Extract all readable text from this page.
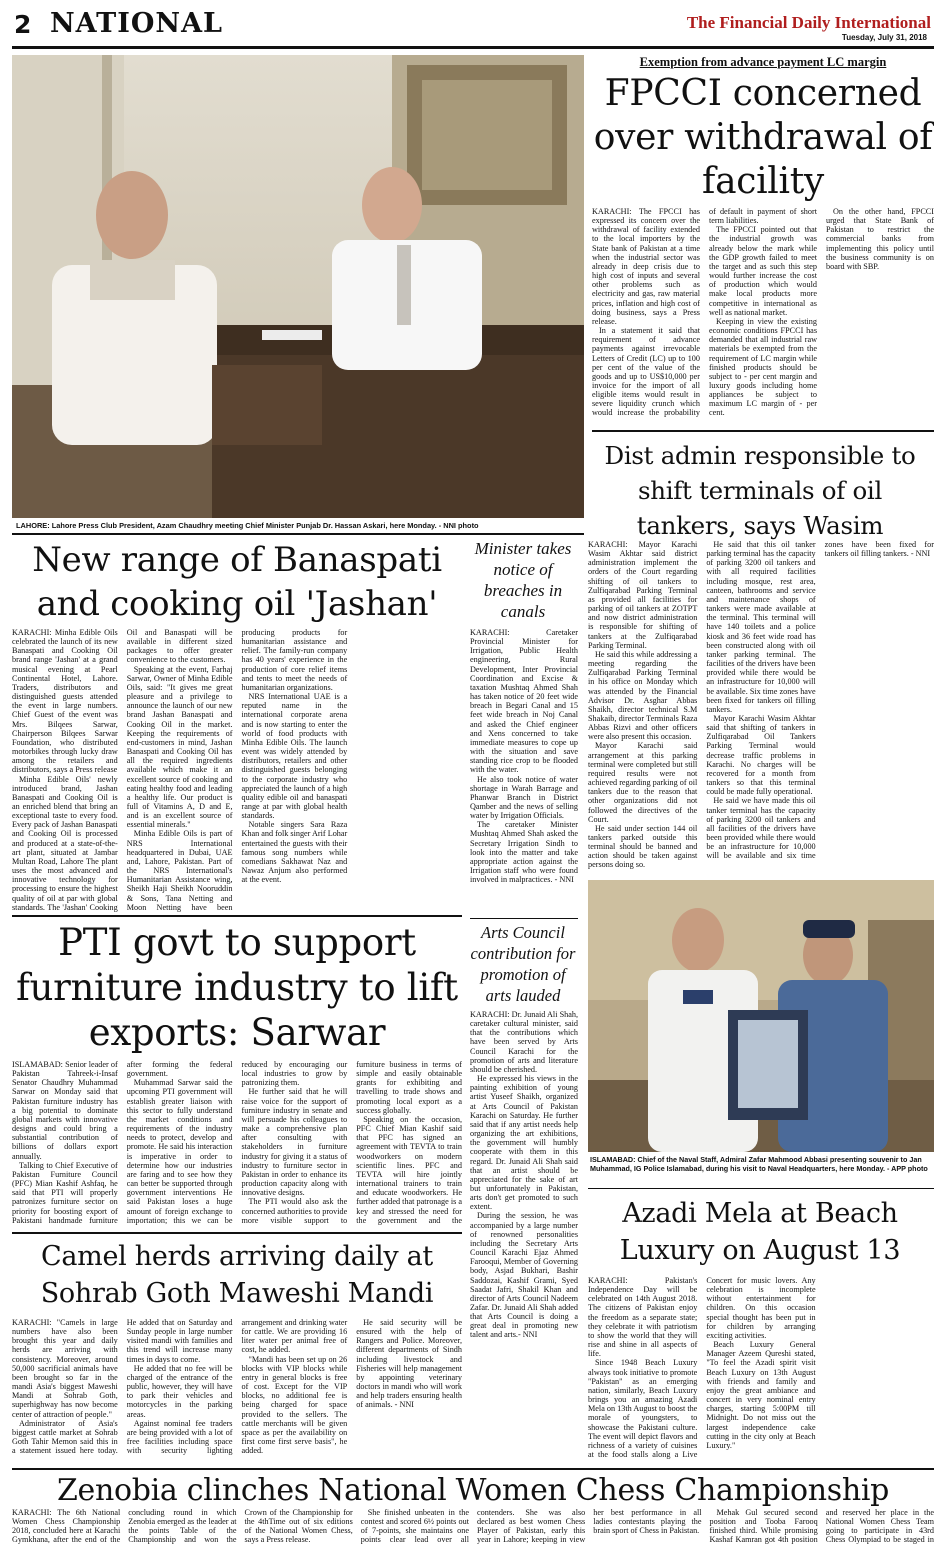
2 NATIONAL	The Financial Daily International
Tuesday, July 31, 2018
LAHORE: Lahore Press Club President, Azam Chaudhry meeting Chief Minister Punjab Dr. Hassan Askari, here Monday. - NNI photo
Exemption from advance payment LC margin
FPCCI concerned over withdrawal of facility

KARACHI: The FPCCI has expressed its concern over the withdrawal of facility extended to the local importers by the State bank of Pakistan at a time when the industrial sector was already in deep crisis due to high cost of inputs and several other problems such as electricity and gas, raw material prices, inflation and high cost of doing business, says a Press release.

In a statement it said that requirement of advance payments against irrevocable Letters of Credit (LC) up to 100 per cent of the value of the goods and up to US$10,000 per invoice for the import of all eligible items would result in severe liquidity crunch which would increase the probability of default in payment of short term liabilities.

The FPCCI pointed out that the industrial growth was already below the mark while the GDP growth failed to meet the target and as such this step would further increase the cost of production which would make local products more competitive in international as well as national market.

Keeping in view the existing economic conditions FPCCI has demanded that all industrial raw materials be exempted from the requirement of LC margin while finished products should be subject to - per cent margin and luxury goods including home appliances be subject to maximum LC margin of - per cent.

On the other hand, FPCCI urged that State Bank of Pakistan to restrict the commercial banks from implementing this policy until the business community is on board with SBP.

New range of Banaspati and cooking oil 'Jashan'

KARACHI: Minha Edible Oils celebrated the launch of its new Banaspati and Cooking Oil brand range 'Jashan' at a grand musical evening at Pearl Continental Hotel, Lahore. Traders, distributors and distinguished guests attended the event in large numbers. Chief Guest of the event was Mrs. Bilqees Sarwar, Chairperson Bilqees Sarwar Foundation, who distributed motorbikes through lucky draw among the retailers and distributors, says a Press release

Minha Edible Oils' newly introduced brand, Jashan Banaspati and Cooking Oil is an enriched blend that bring an exceptional taste to every food. Every pack of Jashan Banaspati and Cooking Oil is processed and produced at a state-of-the-art plant, situated at Jambar Multan Road, Lahore The plant uses the most advanced and innovative technology for processing to ensure the highest quality of oil at par with global standards. The 'Jashan' Cooking Oil and Banaspati will be available in different sized packages to offer greater convenience to the customers.

Speaking at the event, Farhaj Sarwar, Owner of Minha Edible Oils, said: "It gives me great pleasure and a privilege to announce the launch of our new brand Jashan Banaspati and Cooking Oil in the market. Keeping the requirements of end-customers in mind, Jashan Banaspati and Cooking Oil has all the required ingredients available which make it an excellent source of cooking and eating healthy food and leading a healthy life. Our product is full of Vitamins A, D and E, and is an excellent source of essential minerals."

Minha Edible Oils is part of NRS International headquartered in Dubai, UAE and, Lahore, Pakistan. Part of the NRS International's Humanitarian Assistance wing, Sheikh Haji Sheikh Nooruddin & Sons, Tana Netting and Moon Netting have been producing products for humanitarian assistance and relief. The family-run company has 40 years' experience in the production of core relief items and tents to meet the needs of humanitarian organizations.

NRS International UAE is a reputed name in the international corporate arena and is now starting to enter the world of food products with Minha Edible Oils. The launch event was widely attended by distributors, retailers and other distinguished guests belonging to the corporate industry who appreciated the launch of a high quality edible oil and banaspati range at par with global health standards.

Notable singers Sara Raza Khan and folk singer Arif Lohar entertained the guests with their famous song numbers while comedians Sakhawat Naz and Nawaz Anjum also performed at the event.

Minister takes notice of breaches in canals

KARACHI: Caretaker Provincial Minister for Irrigation, Public Health engineering, Rural Development, Inter Provincial Coordination and Excise & taxation Mushtaq Ahmed Shah has taken notice of 20 feet wide breach in Begari Canal and 15 feet wide breach in Noj Canal and asked the Chief engineer and Xens concerned to take immediate measures to cope up with the situation and save standing rice crop to be flooded with the water.

He also took notice of water shortage in Warah Barrage and Phanwar Branch in District Qamber and the news of selling water by Irrigation Officials.

The caretaker Minister Mushtaq Ahmed Shah asked the Secretary Irrigation Sindh to look into the matter and take appropriate action against the Irrigation staff who were found involved in malpractices. - NNI

Dist admin responsible to shift terminals of oil tankers, says Wasim

KARACHI: Mayor Karachi Wasim Akhtar said district administration implement the orders of the Court regarding shifting of oil tankers to Zulfiqarabad Parking Terminal as provided all facilities for parking of oil tankers at ZOTPT and now district administration is responsible for shifting of tankers at the Zulfiqarabad Parking Terminal.

He said this while addressing a meeting regarding the Zulfiqarabad Parking Terminal in his office on Monday which was attended by the Financial Advisor Dr. Asghar Abbas Shaikh, director technical S.M Shakaib, director Terminals Raza Abbas Rizvi and other officers were also present this occasion.

Mayor Karachi said arrangement at this parking terminal were completed but still required results were not achieved regarding parking of oil tankers due to the reason that other organizations did not followed the directives of the Court.

He said under section 144 oil tankers parked outside this terminal should be banned and action should be taken against persons doing so.

He said that this oil tanker parking terminal has the capacity of parking 3200 oil tankers and with all required facilities including mosque, rest area, canteen, bathrooms and service and maintenance shops of tankers were made available at the terminal. This terminal will have 140 toilets and a police kiosk and 36 feet wide road has been constructed along with oil tanker parking terminal. The facilities of the drivers have been provided while there would be an infrastructure for 10,000 will be available. Six time zones have been fixed for tankers oil filling tankers.

Mayor Karachi Wasim Akhtar said that shifting of tankers in Zulfiqarabad Oil Tankers Parking Terminal would decrease traffic problems in Karachi. No charges will be recovered for a month from tankers so that this terminal could be made fully operational.

He said we have made this oil tanker terminal has the capacity of parking 3200 oil tankers and all facilities of the drivers have been provided while there would be an infrastructure for 10,000 will be available and six time zones have been fixed for tankers oil filling tankers. - NNI

PTI govt to support furniture industry to lift exports: Sarwar

ISLAMABAD: Senior leader of Pakistan Tahreek-i-Insaf Senator Chaudhry Muhammad Sarwar on Monday said that Pakistan furniture industry has a big potential to dominate global markets with innovative designs and could bring a substantial contribution of billions of dollars export annually.

Talking to Chief Executive of Pakistan Furniture Council (PFC) Mian Kashif Ashfaq, he said that PTI will properly patronizes furniture sector on priority for boosting export of Pakistani handmade furniture after forming the federal government.

Muhammad Sarwar said the upcoming PTI government will establish greater liaison with this sector to fully understand the market conditions and requirements of the industry needs to protect, develop and promote. He said his interaction is imperative in order to determine how our industries are faring and to see how they can better be supported through government interventions He said Pakistan loses a huge amount of foreign exchange to importation; this we can be reduced by encouraging our local industries to grow by patronizing them.

He further said that he will raise voice for the support of furniture industry in senate and will persuade his colleagues to make a comprehensive plan after consulting with stakeholders in furniture industry for giving it a status of industry to furniture sector in Pakistan in order to enhance its production capacity along with innovative designs.

The PTI would also ask the concerned authorities to provide more visible support to furniture business in terms of simple and easily obtainable grants for exhibiting and travelling to trade shows and promoting local export as a success globally.

Speaking on the occasion, PFC Chief Mian Kashif said that PFC has signed an agreement with TEVTA to train woodworkers on modern scientific lines. PFC and TEVTA will hire jointly international trainers to train and educate woodworkers. He further added that patronage is a key and stressed the need for the government and the

Arts Council contribution for promotion of arts lauded

KARACHI: Dr. Junaid Ali Shah, caretaker cultural minister, said that the contributions which have been served by Arts Council Karachi for the promotion of arts and literature should be cherished.

He expressed his views in the painting exhibition of young artist Yuseef Shaikh, organized at Arts Council of Pakistan Karachi on Saturday. He further said that if any artist needs help organizing the art exhibitions, the government will humbly cooperate with them in this regard. Dr. Junaid Ali Shah said that an artist should be appreciated for the sake of art but unfortunately in Pakistan, arts don't get promoted to such extent.

During the session, he was accompanied by a large number of renowned personalities including the Secretary Arts Council Karachi Ejaz Ahmed Farooqui, Member of Governing body, Asjad Bukhari, Bashir Saddozai, Kashif Grami, Syed Saadat Jafri, Shakil Khan and director of Arts Council Nadeem Zafar. Dr. Junaid Ali Shah added that Arts Council is doing a great deal in promoting new talent and arts.- NNI

ISLAMABAD: Chief of the Naval Staff, Admiral Zafar Mahmood Abbasi presenting souvenir to Jan Muhammad, IG Police Islamabad, during his visit to Naval Headquarters, here Monday. - APP photo
Camel herds arriving daily at Sohrab Goth Maweshi Mandi

KARACHI: "Camels in large numbers have also been brought this year and daily herds are arriving with consistency. Moreover, around 50,000 sacrificial animals have been brought so far in the mandi Asia's biggest Maweshi Mandi at Sohrab Goth, superhighway has now become center of attraction of people."

Administrator of Asia's biggest cattle market at Sohrab Goth Tahir Memon said this in a statement issued here today. He added that on Saturday and Sunday people in large number visited mandi with families and this trend will increase many times in days to come.

He added that no fee will be charged of the entrance of the public, however, they will have to park their vehicles and motorcycles in the parking areas.

Against nominal fee traders are being provided with a lot of free facilities including space with security lighting arrangement and drinking water for cattle. We are providing 16 liter water per animal free of cost, he added.

"Mandi has been set up on 26 blocks with VIP blocks while entry in general blocks is free of cost. Except for the VIP blocks, no additional fee is being charged for space provided to the sellers. The cattle merchants will be given space as per the availability on first come first serve basis", he added.

He said security will be ensured with the help of Rangers and Police. Moreover, different departments of Sindh including livestock and Fisheries will help management by appointing veterinary doctors in mandi who will work and help traders ensuring health of animals. - NNI

Azadi Mela at Beach Luxury on August 13

KARACHI: Pakistan's Independence Day will be celebrated on 14th August 2018. The citizens of Pakistan enjoy the freedom as a separate state; they celebrate it with patriotism to show the world that they will rise and shine in all aspects of life.

Since 1948 Beach Luxury always took initiative to promote "Pakistan" as an emerging nation, similarly, Beach Luxury brings you an amazing Azadi Mela on 13th August to boost the morale of youngsters, to showcase the Pakistani culture. The event will depict flavors and richness of a variety of cuisines at the food stalls along a Live Concert for music lovers. Any celebration is incomplete without entertainment for children. On this occasion special thought has been put in for children by arranging exciting activities.

Beach Luxury General Manager Azeem Qureshi stated, "To feel the Azadi spirit visit Beach Luxury on 13th August with friends and family and enjoy the great ambiance and concert in very nominal entry charges, starting 5:00PM till Midnight. Do not miss out the largest independence cake cutting in the city only at Beach Luxury."

Zenobia clinches National Women Chess Championship

KARACHI: The 6th National Women Chess Championship 2018, concluded here at Karachi Gymkhana, after the end of the concluding round in which Zenobia emerged as the leader at the points Table of the Championship and won the Crown of the Championship for the 4thTime out of six editions of the National Women Chess, says a Press release.

She finished unbeaten in the contest and scored 6½ points out of 7-points, she maintains one points clear lead over all contenders. She was also declared as best women Chess Player of Pakistan, early this year in Lahore; keeping in view her best performance in all ladies contestants playing the brain sport of Chess in Pakistan.

Mehak Gul secured second position and Tooba Farooq finished third. While promising Kashaf Kamran got 4th position and reserved her place in the National Women Chess Team going to participate in 43rd Chess Olympiad to be staged in
